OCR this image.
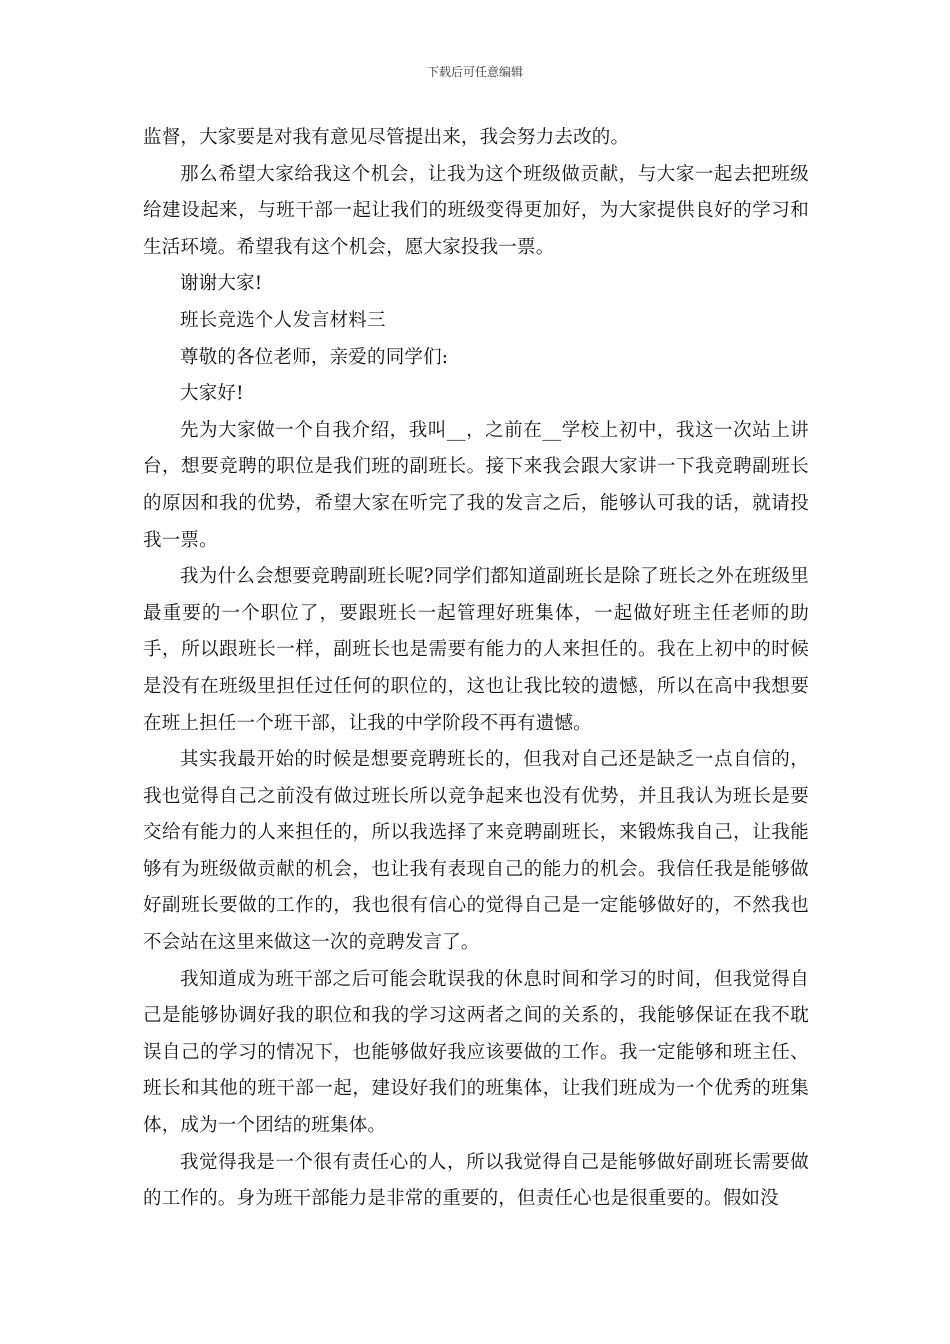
下载后可任意编辑

监督，大家要是对我有意见尽管提出来，我会努力去改的。

那么希望大家给我这个机会，让我为这个班级做贡献，与大家一起去把班级给建设起来，与班干部一起让我们的班级变得更加好，为大家提供良好的学习和生活环境。希望我有这个机会，愿大家投我一票。

谢谢大家!

班长竞选个人发言材料三

尊敬的各位老师，亲爱的同学们:

大家好!

先为大家做一个自我介绍，我叫__，之前在__学校上初中，我这一次站上讲台，想要竞聘的职位是我们班的副班长。接下来我会跟大家讲一下我竞聘副班长的原因和我的优势，希望大家在听完了我的发言之后，能够认可我的话，就请投我一票。

我为什么会想要竞聘副班长呢?同学们都知道副班长是除了班长之外在班级里最重要的一个职位了，要跟班长一起管理好班集体，一起做好班主任老师的助手，所以跟班长一样，副班长也是需要有能力的人来担任的。我在上初中的时候是没有在班级里担任过任何的职位的，这也让我比较的遗憾，所以在高中我想要在班上担任一个班干部，让我的中学阶段不再有遗憾。

其实我最开始的时候是想要竞聘班长的，但我对自己还是缺乏一点自信的，我也觉得自己之前没有做过班长所以竞争起来也没有优势，并且我认为班长是要交给有能力的人来担任的，所以我选择了来竞聘副班长，来锻炼我自己，让我能够有为班级做贡献的机会，也让我有表现自己的能力的机会。我信任我是能够做好副班长要做的工作的，我也很有信心的觉得自己是一定能够做好的，不然我也不会站在这里来做这一次的竞聘发言了。

我知道成为班干部之后可能会耽误我的休息时间和学习的时间，但我觉得自己是能够协调好我的职位和我的学习这两者之间的关系的，我能够保证在我不耽误自己的学习的情况下，也能够做好我应该要做的工作。我一定能够和班主任、班长和其他的班干部一起，建设好我们的班集体，让我们班成为一个优秀的班集体，成为一个团结的班集体。

我觉得我是一个很有责任心的人，所以我觉得自己是能够做好副班长需要做的工作的。身为班干部能力是非常的重要的，但责任心也是很重要的。假如没
